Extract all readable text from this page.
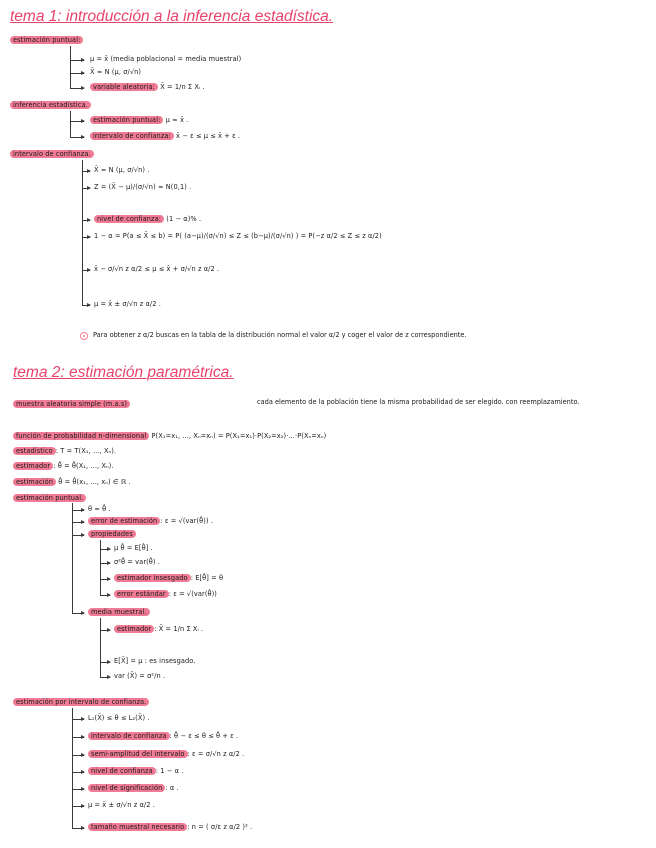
tema 1: introducción a la inferencia estadística.
estimación puntual:
μ = x̄ (media poblacional = media muestral)
X̄ ≈ N (μ, σ/√n)
variable aleatoria: X̄ = 1/n Σ Xᵢ .
inferencia estadística.
estimación puntual: μ ≈ x̄ .
intervalo de confianza: x̄ − ε ≤ μ ≤ x̄ + ε .
intervalo de confianza.
X̄ ≈ N (μ, σ/√n) .
Z = (X̄ − μ)/(σ/√n) ≈ N(0,1) .
nivel de confianza: (1 − α)% .
1 − α = P(a ≤ X̄ ≤ b) = P( (a−μ)/(σ/√n) ≤ Z ≤ (b−μ)/(σ/√n) ) = P(−z α/2 ≤ Z ≤ z α/2)
x̄ − σ/√n z α/2 ≤ μ ≤ x̄ + σ/√n z α/2 .
μ = x̄ ± σ/√n z α/2 .
Para obtener z α/2 buscas en la tabla de la distribución normal el valor α/2 y coger el valor de z correspondiente.
tema 2: estimación paramétrica.
muestra aleatoria simple (m.a.s)	cada elemento de la población tiene la misma probabilidad de ser elegido. con reemplazamiento.
función de probabilidad n-dimensional P(X₁=x₁, ..., Xₙ=xₙ) = P(X₁=x₁)·P(X₂=x₂)·...·P(Xₙ=xₙ)
estadístico : T = T(X₁, ..., Xₙ).
estimador : θ̂ = θ̂(X₁, ..., Xₙ).
estimación θ̂ = θ̂(x₁, ..., xₙ) ∈ ℝ .
estimación puntual.
θ ≈ θ̂ .
error de estimación : ε = √(var(θ̂)) .
propiedades
μ θ̂ = E[θ̂] .
σ²θ̂ = var(θ̂) .
estimador insesgado : E[θ̂] = θ
error estándar : ε = √(var(θ̂))
media muestral.
estimador : X̄ = 1/n Σ Xᵢ .
E[X̄] = μ : es insesgado.
var (X̄) = σ²/n .
estimación por intervalo de confianza.
L₁(X̄) ≤ θ ≤ L₂(X̄) .
intervalo de confianza : θ̂ − ε ≤ θ ≤ θ̂ + ε .
semi-amplitud del intervalo : ε = σ/√n z α/2 .
nivel de confianza : 1 − α .
nivel de significación : α .
μ = x̄ ± σ/√n z α/2 .
tamaño muestral necesario : n = ( σ/ε z α/2 )² .
